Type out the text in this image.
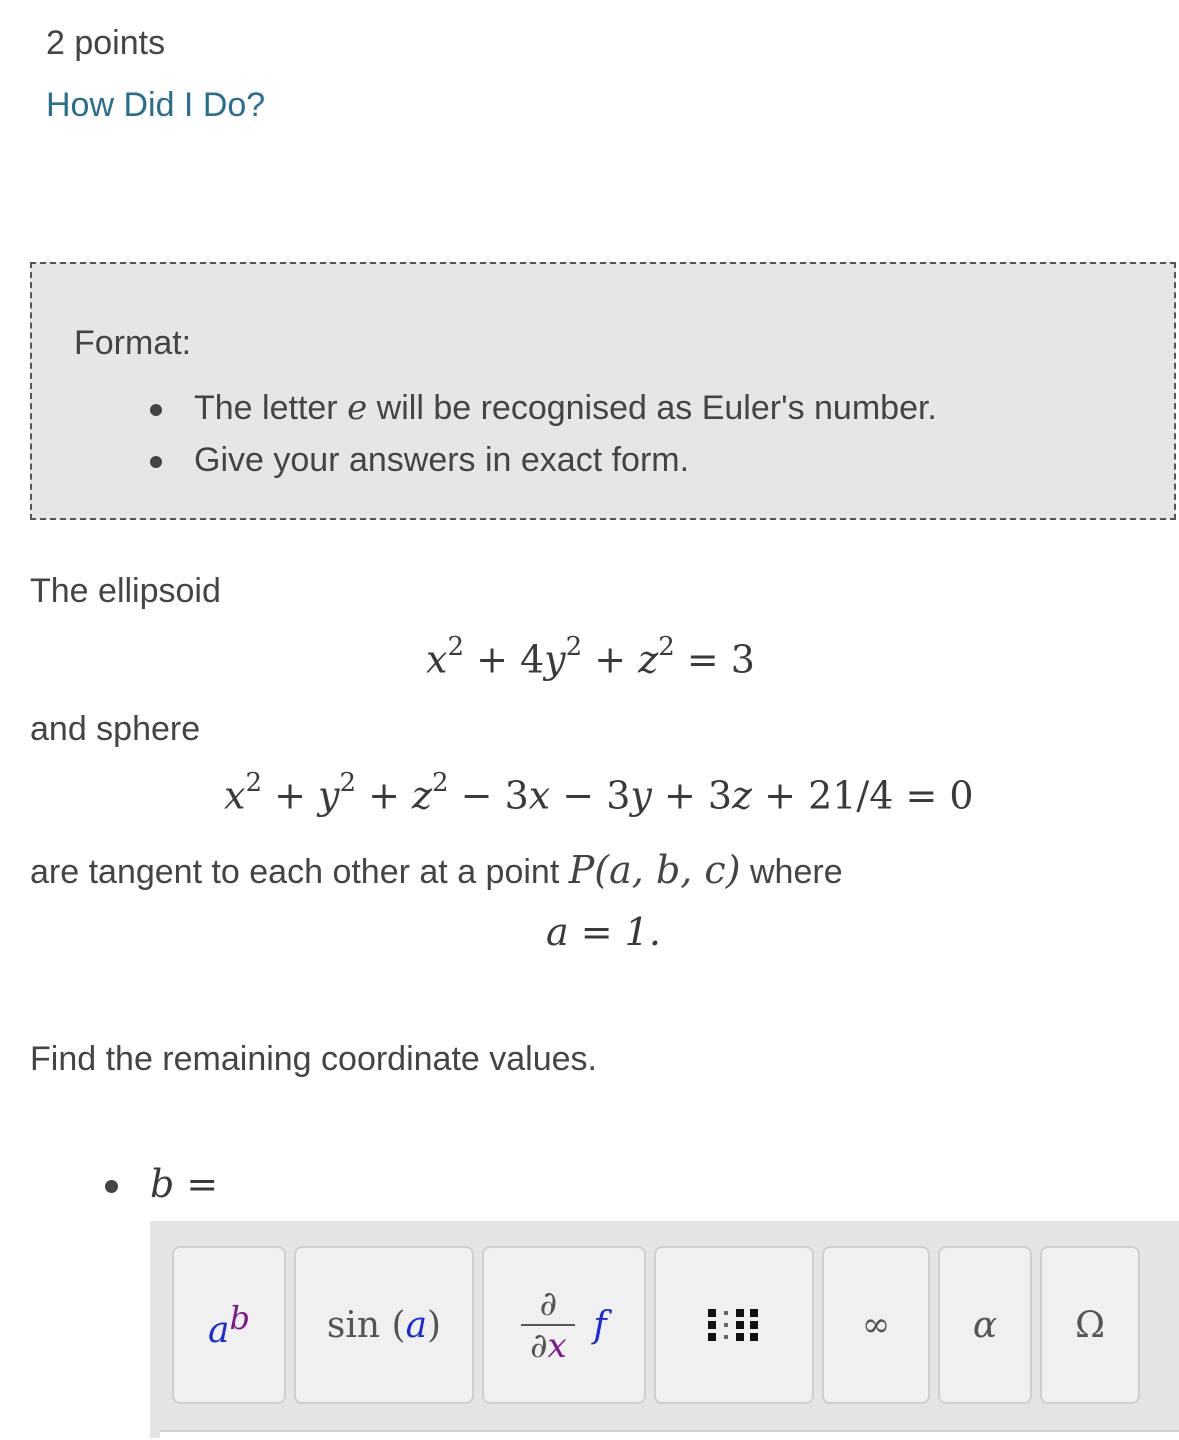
2 points
How Did I Do?
Format:
The letter e will be recognised as Euler's number.
Give your answers in exact form.
The ellipsoid
$x^2 + 4y^2 + z^2 = 3$
and sphere
$x^2 + y^2 + z^2 - 3x - 3y + 3z + 21/4 = 0$
are tangent to each other at a point P(a, b, c) where
a = 1.
Find the remaining coordinate values.
b =
$a^b$ sin (a)
∂
∂x
f	∞ α Ω
